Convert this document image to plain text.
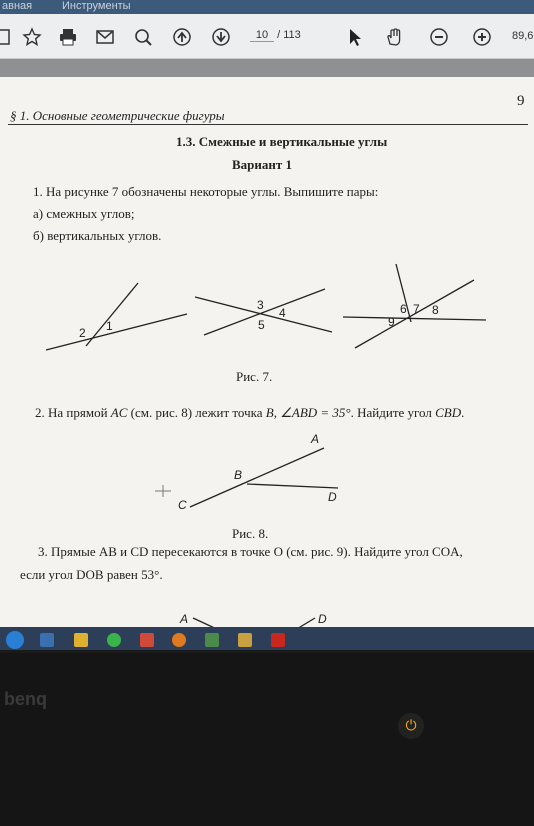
авная	Инструменты
10 / 113	89,6
9
§ 1. Основные геометрические фигуры
1.3. Смежные и вертикальные углы
Вариант 1
1. На рисунке 7 обозначены некоторые углы. Выпишите пары:
а) смежных углов;
б) вертикальных углов.
2 1
3
4
5
6 7 8
9
Рис. 7.
2. На прямой AC (см. рис. 8) лежит точка B, ∠ABD = 35°. Найдите угол CBD.
A
B
C
D
Рис. 8.
3. Прямые AB и CD пересекаются в точке O (см. рис. 9). Найдите угол COA,
если угол DOB равен 53°.
A	D
benq
⏻
